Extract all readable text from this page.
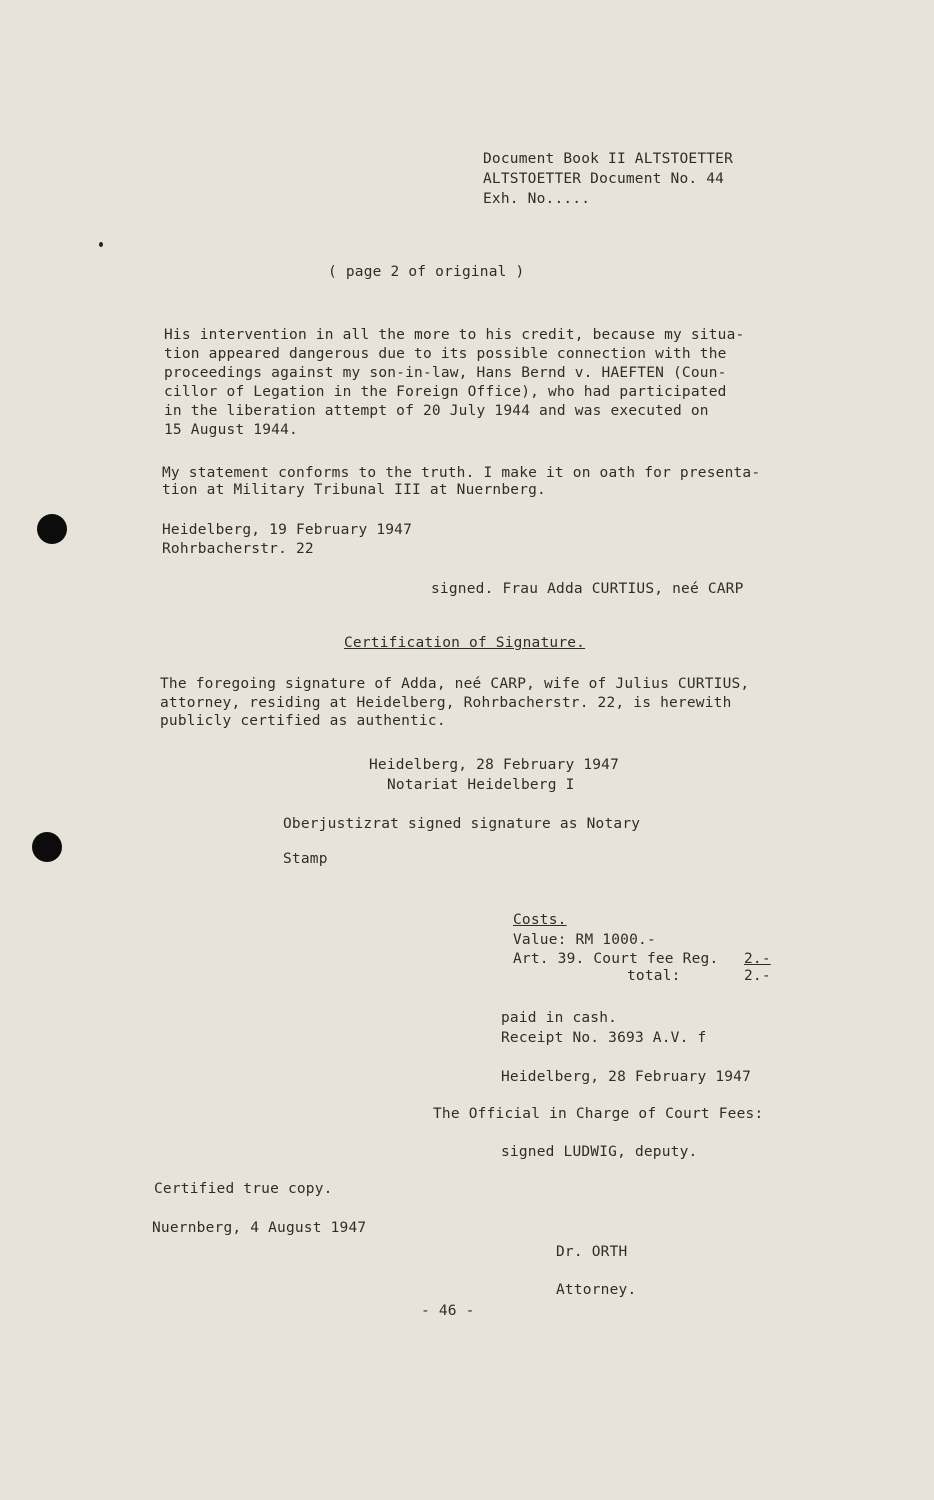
Document Book II ALTSTOETTER
ALTSTOETTER Document No. 44
Exh. No.....
( page 2 of original )
His intervention in all the more to his credit, because my situa-
tion appeared dangerous due to its possible connection with the
proceedings against my son-in-law, Hans Bernd v. HAEFTEN (Coun-
cillor of Legation in the Foreign Office), who had participated
in the liberation attempt of 20 July 1944 and was executed on
15 August 1944.
My statement conforms to the truth. I make it on oath for presenta-
tion at Military Tribunal III at Nuernberg.
Heidelberg, 19 February 1947
Rohrbacherstr. 22
signed. Frau Adda CURTIUS, neé CARP
Certification of Signature.
The foregoing signature of Adda, neé CARP, wife of Julius CURTIUS,
attorney, residing at Heidelberg, Rohrbacherstr. 22, is herewith
publicly certified as authentic.
Heidelberg, 28 February 1947
Notariat Heidelberg I
Oberjustizrat signed signature as Notary
Stamp
Costs.
Value: RM 1000.-
Art. 39. Court fee Reg. 2.-
total:	2.-
paid in cash.
Receipt No. 3693 A.V. f
Heidelberg, 28 February 1947
The Official in Charge of Court Fees:
signed LUDWIG, deputy.
Certified true copy.
Nuernberg, 4 August 1947
Dr. ORTH
Attorney.
- 46 -
